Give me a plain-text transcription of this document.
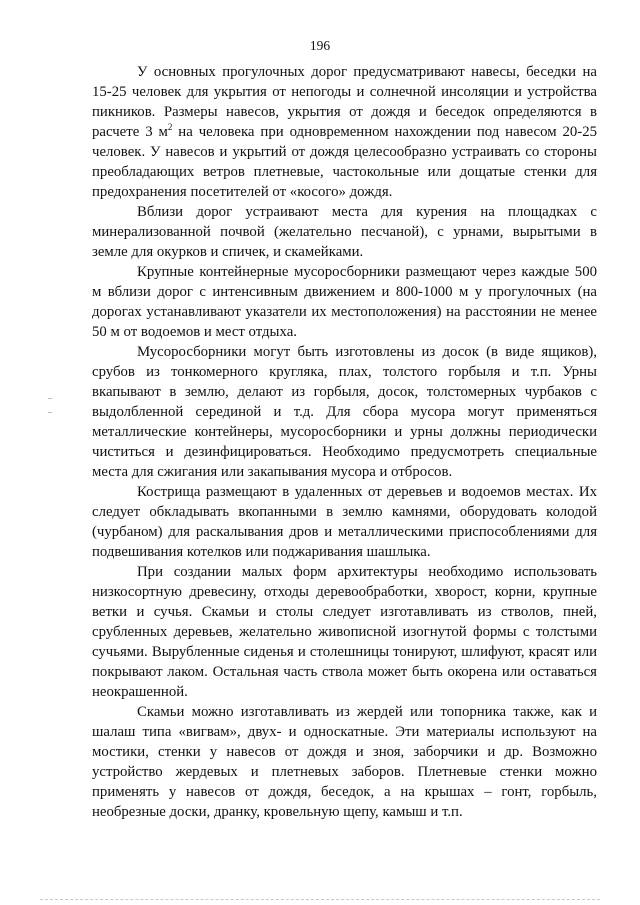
196

У основных прогулочных дорог предусматривают навесы, беседки на 15-25 человек для укрытия от непогоды и солнечной инсоляции и устройства пикников. Размеры навесов, укрытия от дождя и беседок определяются в расчете 3 $м^2$ на человека при одновременном нахождении под навесом 20-25 человек. У навесов и укрытий от дождя целесообразно устраивать со стороны преобладающих ветров плетневые, частокольные или дощатые стенки для предохранения посетителей от «косого» дождя.

Вблизи дорог устраивают места для курения на площадках с минерализованной почвой (желательно песчаной), с урнами, вырытыми в земле для окурков и спичек, и скамейками.

Крупные контейнерные мусоросборники размещают через каждые 500 м вблизи дорог с интенсивным движением и 800-1000 м у прогулочных (на дорогах устанавливают указатели их местоположения) на расстоянии не менее 50 м от водоемов и мест отдыха.

Мусоросборники могут быть изготовлены из досок (в виде ящиков), срубов из тонкомерного кругляка, плах, толстого горбыля и т.п. Урны вкапывают в землю, делают из горбыля, досок, толстомерных чурбаков с выдолбленной серединой и т.д. Для сбора мусора могут применяться металлические контейнеры, мусоросборники и урны должны периодически чиститься и дезинфицироваться. Необходимо предусмотреть специальные места для сжигания или закапывания мусора и отбросов.

Кострища размещают в удаленных от деревьев и водоемов местах. Их следует обкладывать вкопанными в землю камнями, оборудовать колодой (чурбаном) для раскалывания дров и металлическими приспособлениями для подвешивания котелков или поджаривания шашлыка.

При создании малых форм архитектуры необходимо использовать низкосортную древесину, отходы деревообработки, хворост, корни, крупные ветки и сучья. Скамьи и столы следует изготавливать из стволов, пней, срубленных деревьев, желательно живописной изогнутой формы с толстыми сучьями. Вырубленные сиденья и столешницы тонируют, шлифуют, красят или покрывают лаком. Остальная часть ствола может быть окорена или оставаться неокрашенной.

Скамьи можно изготавливать из жердей или топорника также, как и шалаш типа «вигвам», двух- и односкатные. Эти материалы используют на мостики, стенки у навесов от дождя и зноя, заборчики и др. Возможно устройство жердевых и плетневых заборов. Плетневые стенки можно применять у навесов от дождя, беседок, а на крышах – гонт, горбыль, необрезные доски, дранку, кровельную щепу, камыш и т.п.
